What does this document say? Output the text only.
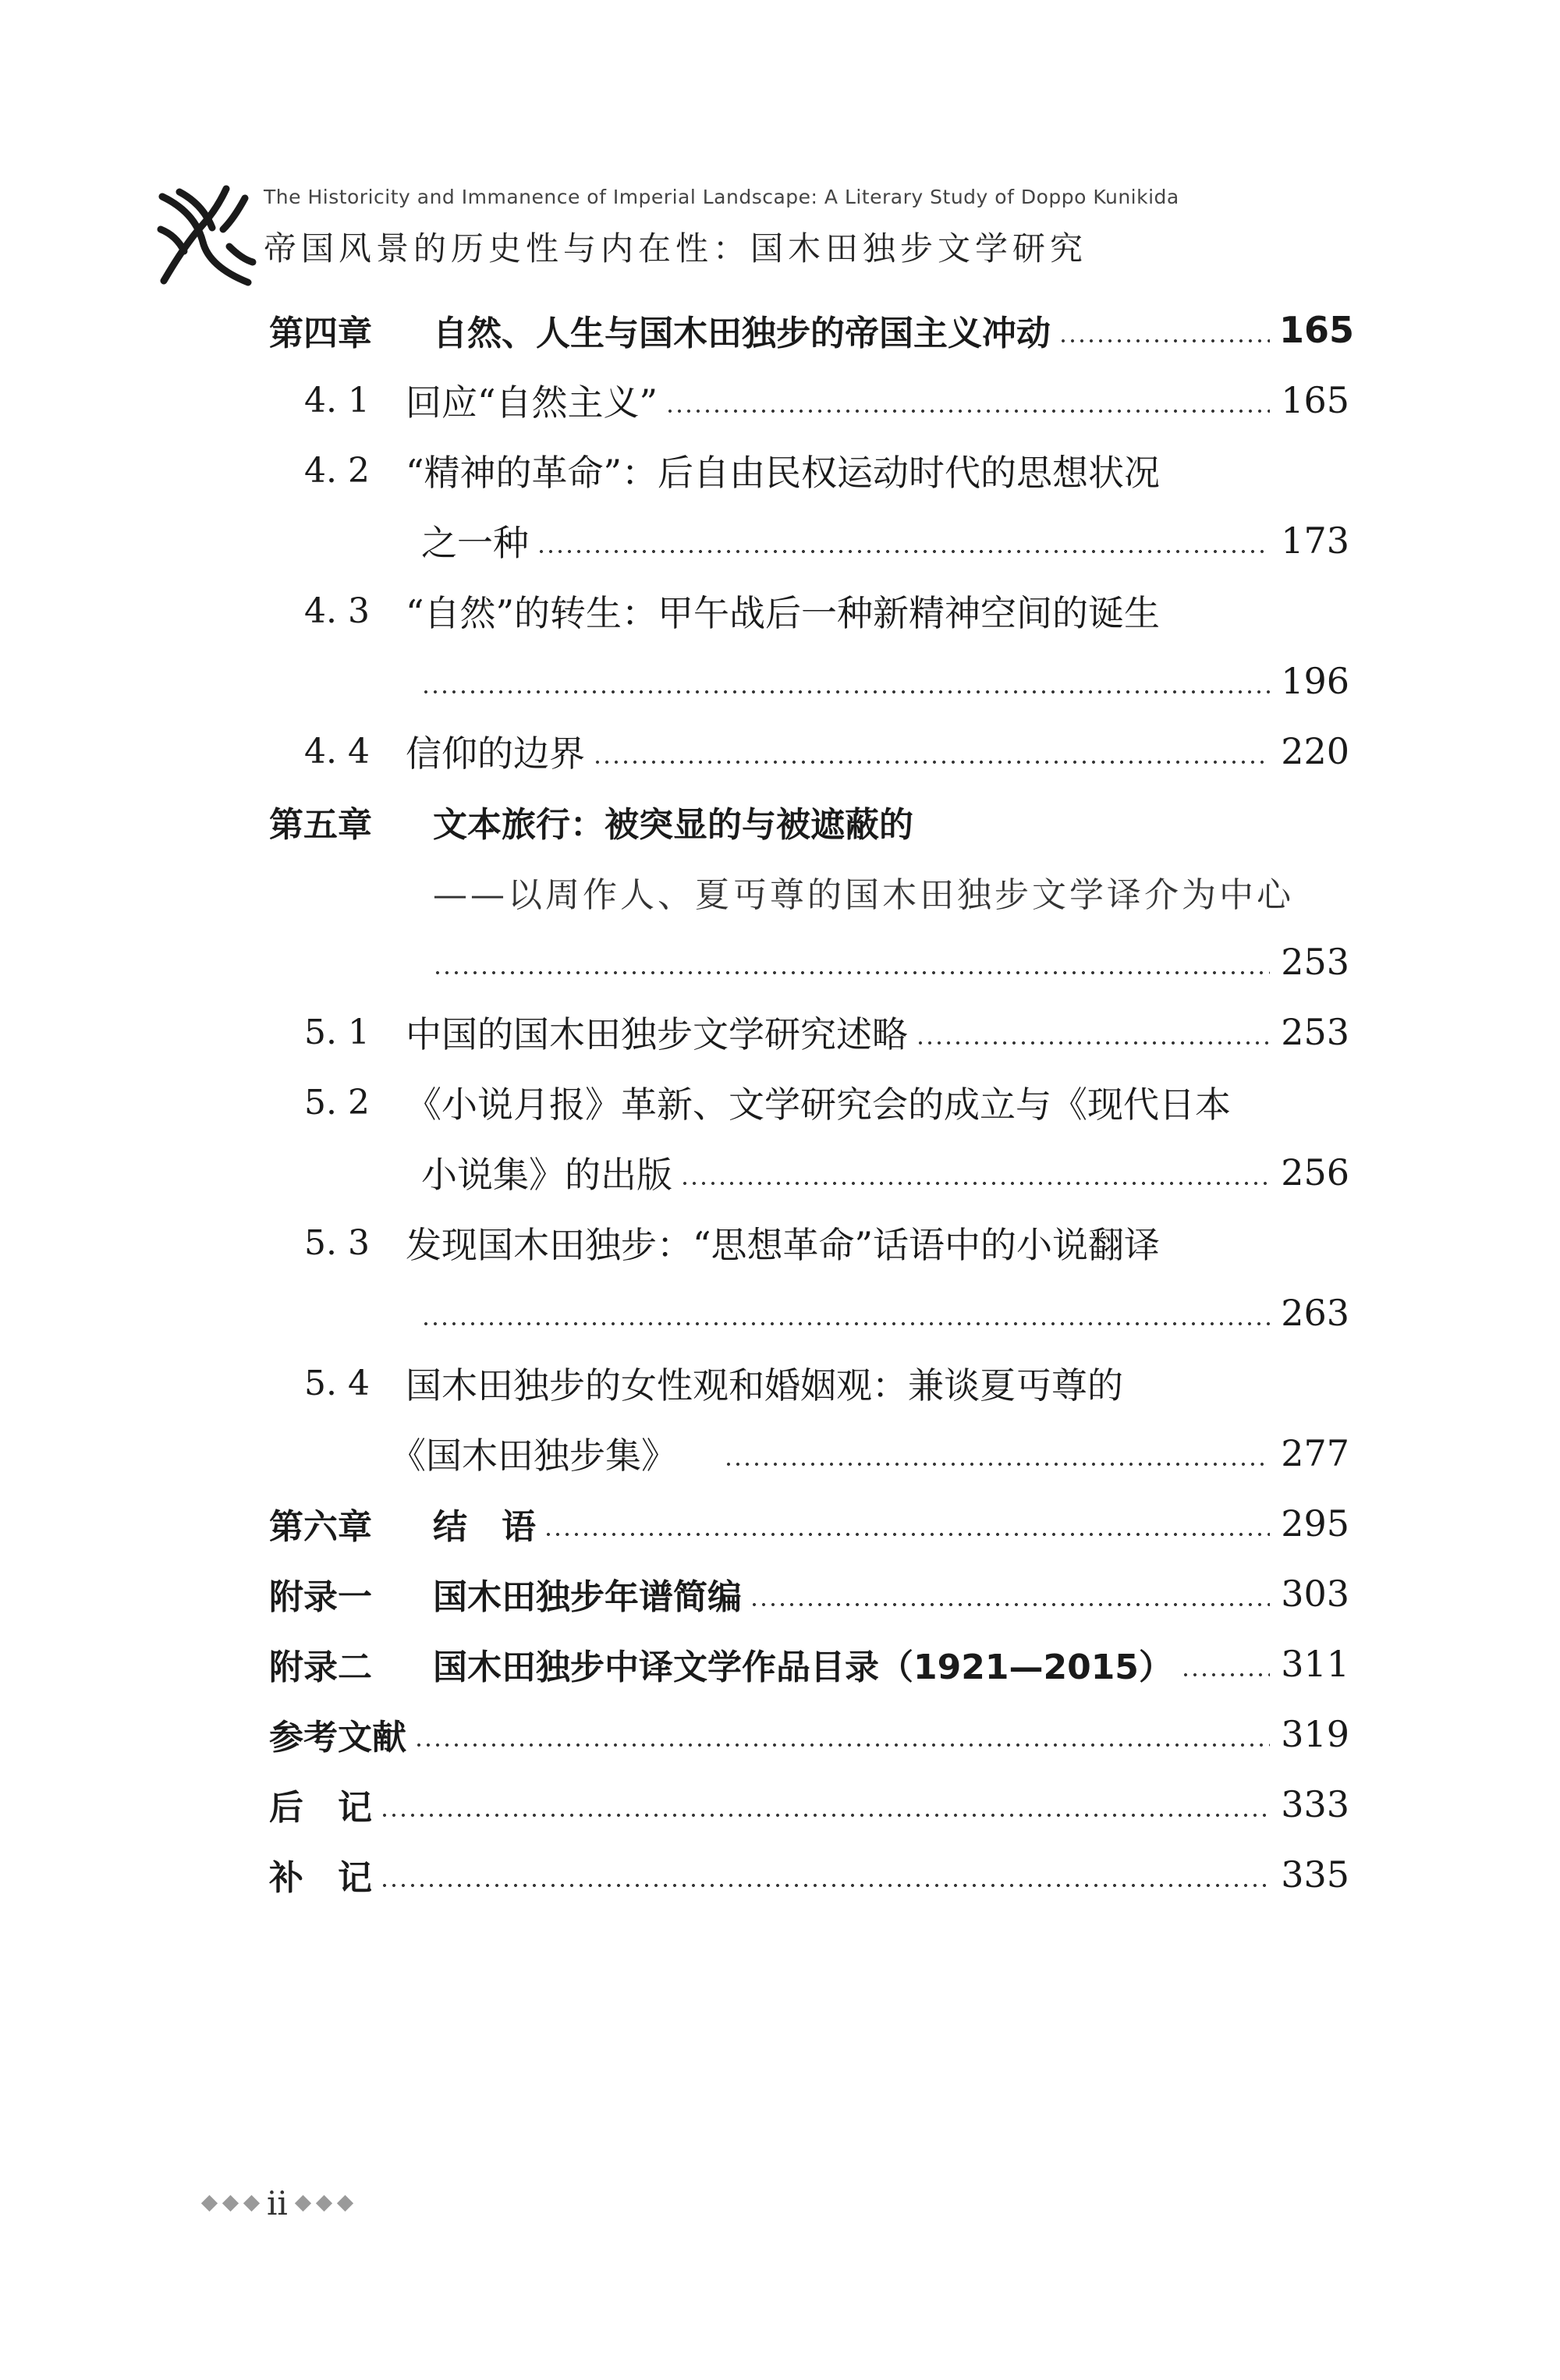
The Historicity and Immanence of Imperial Landscape: A Literary Study of Doppo Kunikida
帝国风景的历史性与内在性：国木田独步文学研究
第四章	自然、人生与国木田独步的帝国主义冲动	165
4. 1	回应“自然主义”	165
4. 2	“精神的革命”：后自由民权运动时代的思想状况
之一种	173
4. 3	“自然”的转生：甲午战后一种新精神空间的诞生
196
4. 4	信仰的边界	220
第五章	文本旅行：被突显的与被遮蔽的
——以周作人、夏丏尊的国木田独步文学译介为中心
253
5. 1	中国的国木田独步文学研究述略	253
5. 2	《小说月报》革新、文学研究会的成立与《现代日本
小说集》的出版	256
5. 3	发现国木田独步：“思想革命”话语中的小说翻译
263
5. 4	国木田独步的女性观和婚姻观：兼谈夏丏尊的
《国木田独步集》	277
第六章	结　语	295
附录一	国木田独步年谱简编	303
附录二	国木田独步中译文学作品目录（1921—2015）	311
参考文献	319
后　记	333
补　记	335
ii
